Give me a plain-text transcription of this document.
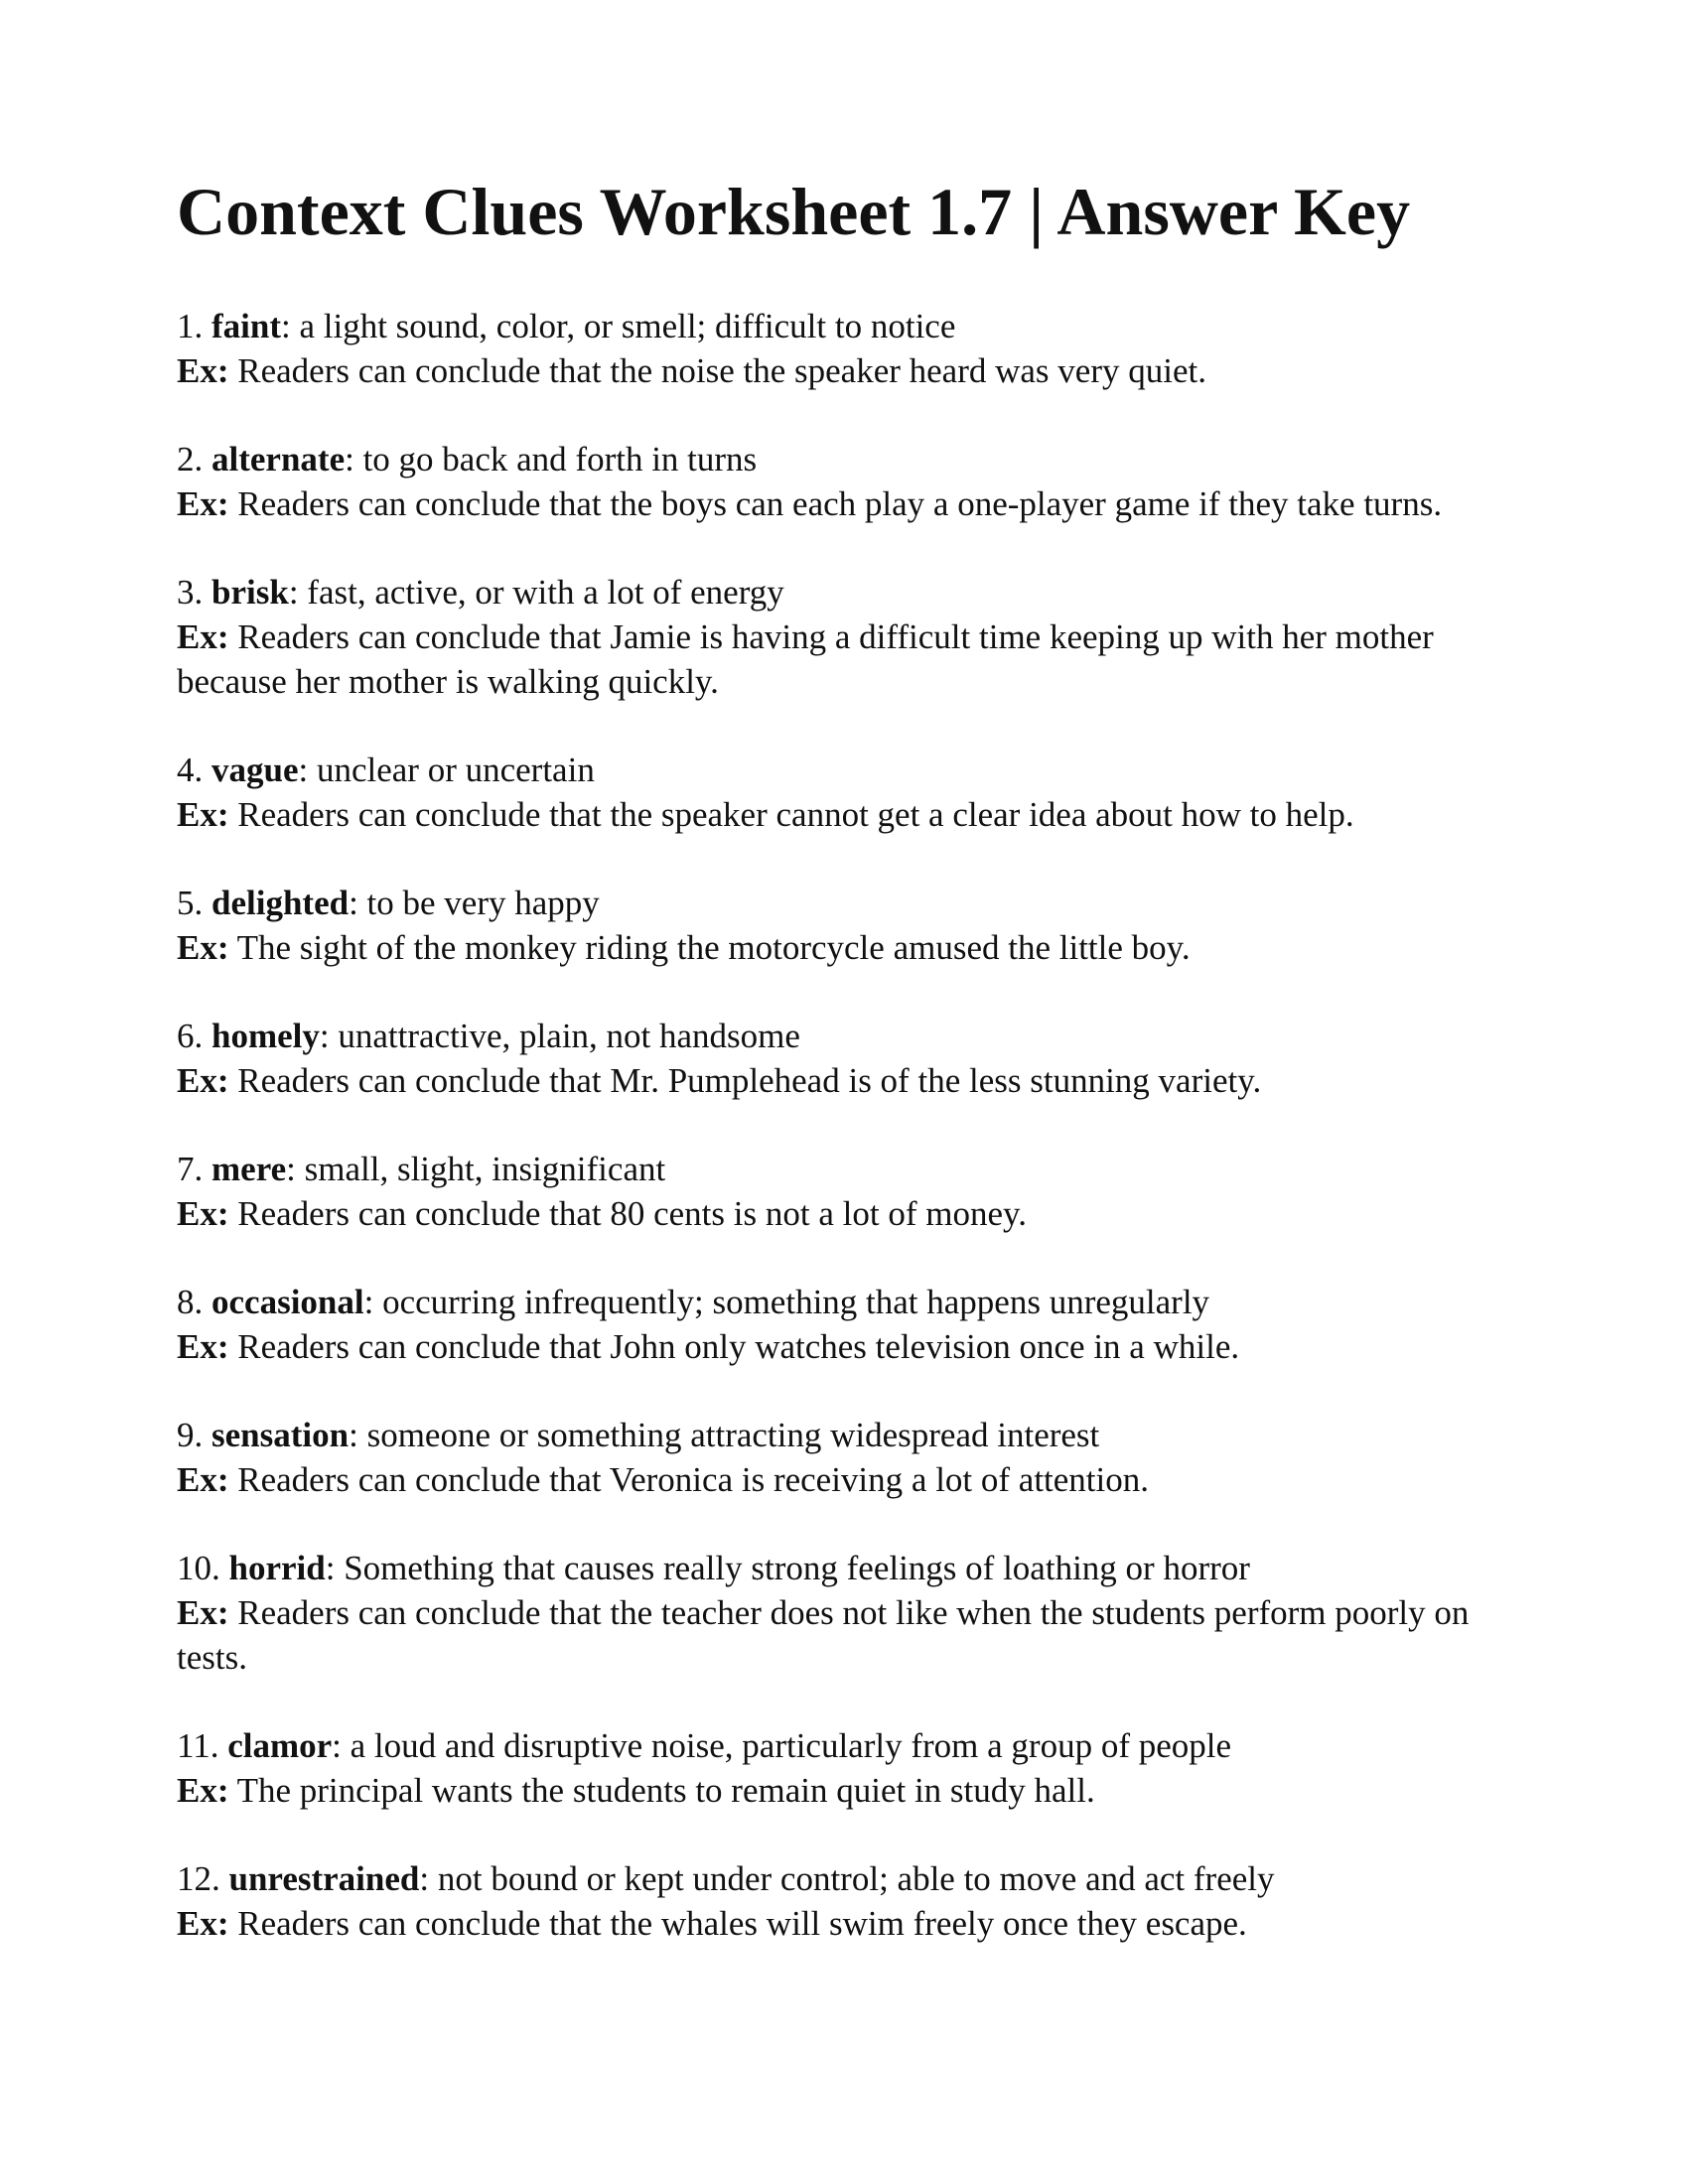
Context Clues Worksheet 1.7 | Answer Key

1. faint: a light sound, color, or smell; difficult to notice

Ex: Readers can conclude that the noise the speaker heard was very quiet.

2. alternate: to go back and forth in turns

Ex: Readers can conclude that the boys can each play a one-player game if they take turns.

3. brisk: fast, active, or with a lot of energy

Ex: Readers can conclude that Jamie is having a difficult time keeping up with her mother because her mother is walking quickly.

4. vague: unclear or uncertain

Ex: Readers can conclude that the speaker cannot get a clear idea about how to help.

5. delighted: to be very happy

Ex: The sight of the monkey riding the motorcycle amused the little boy.

6. homely: unattractive, plain, not handsome

Ex: Readers can conclude that Mr. Pumplehead is of the less stunning variety.

7. mere: small, slight, insignificant

Ex: Readers can conclude that 80 cents is not a lot of money.

8. occasional: occurring infrequently; something that happens unregularly

Ex: Readers can conclude that John only watches television once in a while.

9. sensation: someone or something attracting widespread interest

Ex: Readers can conclude that Veronica is receiving a lot of attention.

10. horrid: Something that causes really strong feelings of loathing or horror

Ex: Readers can conclude that the teacher does not like when the students perform poorly on tests.

11. clamor: a loud and disruptive noise, particularly from a group of people

Ex: The principal wants the students to remain quiet in study hall.

12. unrestrained: not bound or kept under control; able to move and act freely

Ex: Readers can conclude that the whales will swim freely once they escape.
